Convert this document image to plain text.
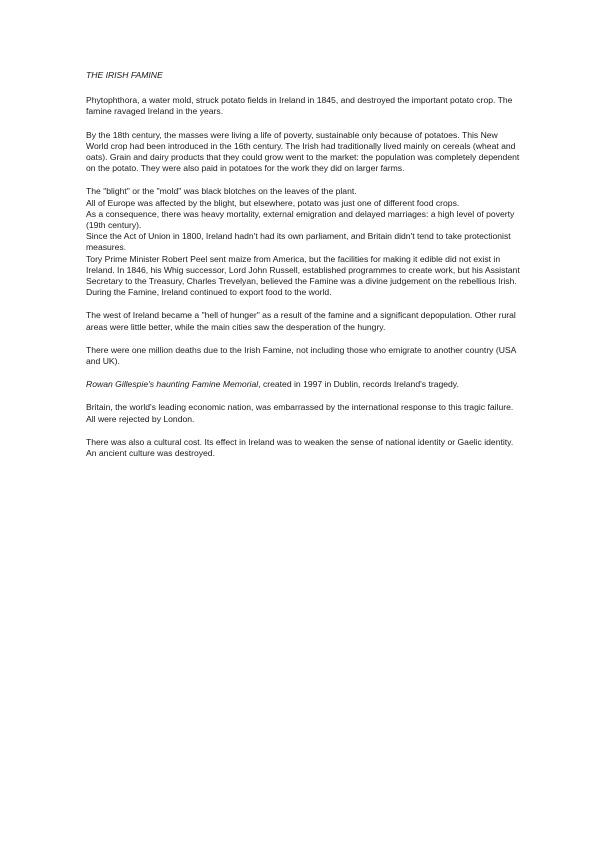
THE IRISH FAMINE

Phytophthora, a water mold, struck potato fields in Ireland in 1845, and destroyed the important potato crop. The famine ravaged Ireland in the years.

By the 18th century, the masses were living a life of poverty, sustainable only because of potatoes. This New World crop had been introduced in the 16th century. The Irish had traditionally lived mainly on cereals (wheat and oats). Grain and dairy products that they could grow went to the market: the population was completely dependent on the potato. They were also paid in potatoes for the work they did on larger farms.

The "blight" or the "mold" was black blotches on the leaves of the plant.

All of Europe was affected by the blight, but elsewhere, potato was just one of different food crops.

As a consequence, there was heavy mortality, external emigration and delayed marriages: a high level of poverty (19th century).

Since the Act of Union in 1800, Ireland hadn't had its own parliament, and Britain didn't tend to take protectionist measures.

Tory Prime Minister Robert Peel sent maize from America, but the facilities for making it edible did not exist in Ireland. In 1846, his Whig successor, Lord John Russell, established programmes to create work, but his Assistant Secretary to the Treasury, Charles Trevelyan, believed the Famine was a divine judgement on the rebellious Irish. During the Famine, Ireland continued to export food to the world.

The west of Ireland became a "hell of hunger" as a result of the famine and a significant depopulation. Other rural areas were little better, while the main cities saw the desperation of the hungry.

There were one million deaths due to the Irish Famine, not including those who emigrate to another country (USA and UK).

Rowan Gillespie's haunting Famine Memorial, created in 1997 in Dublin, records Ireland's tragedy.

Britain, the world's leading economic nation, was embarrassed by the international response to this tragic failure. All were rejected by London.

There was also a cultural cost. Its effect in Ireland was to weaken the sense of national identity or Gaelic identity. An ancient culture was destroyed.
